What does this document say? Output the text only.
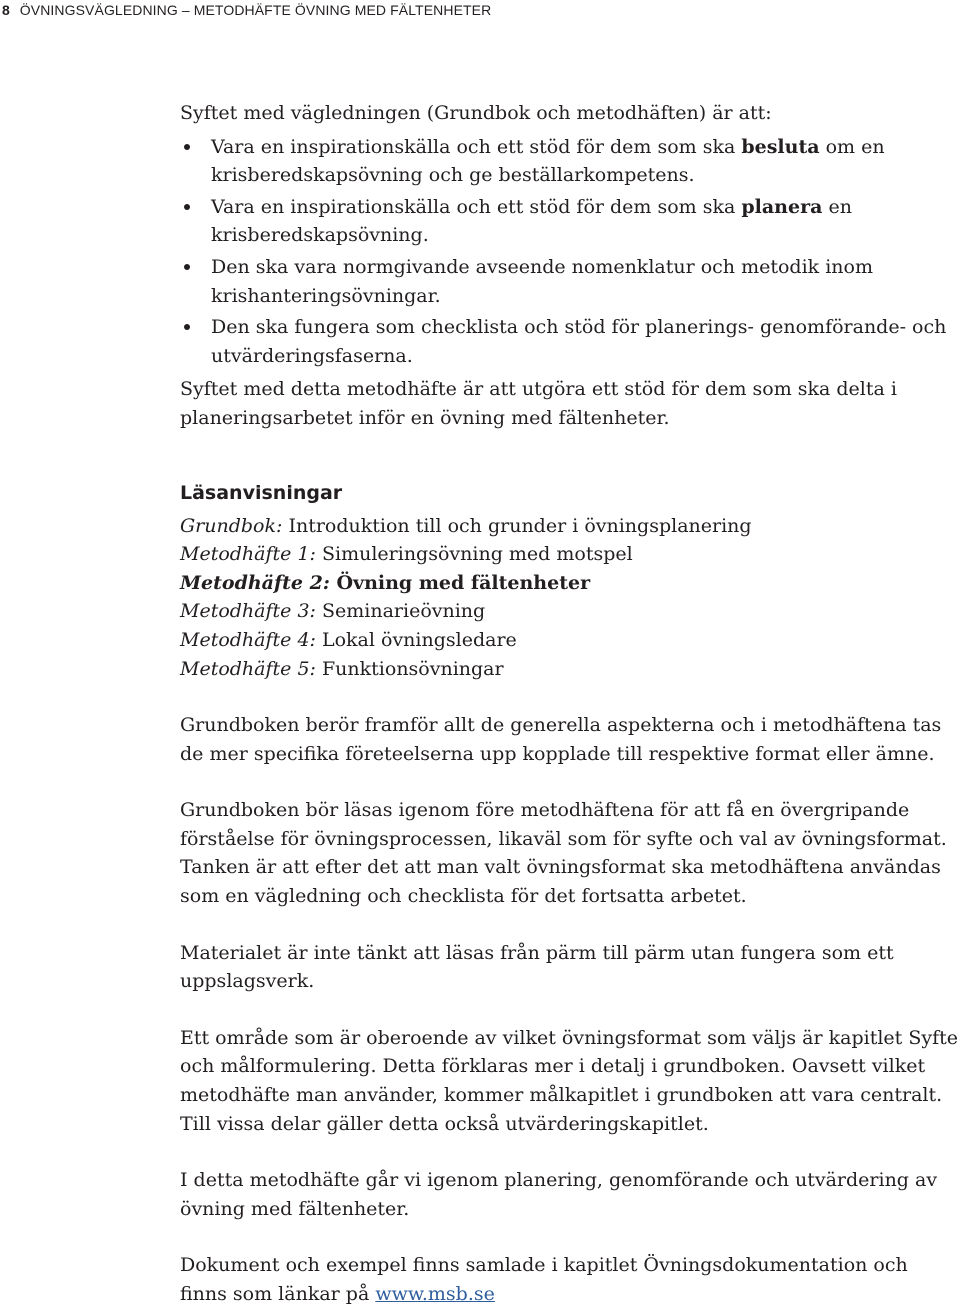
8 ÖVNINGSVÄGLEDNING – METODHÄFTE ÖVNING MED FÄLTENHETER

Syftet med vägledningen (Grundbok och metodhäften) är att:

Vara en inspirationskälla och ett stöd för dem som ska besluta om en krisberedskapsövning och ge beställarkompetens.
Vara en inspirationskälla och ett stöd för dem som ska planera en krisberedskapsövning.
Den ska vara normgivande avseende nomenklatur och metodik inom krishanteringsövningar.
Den ska fungera som checklista och stöd för planerings- genomförande- och utvärderingsfaserna.

Syftet med detta metodhäfte är att utgöra ett stöd för dem som ska delta i planeringsarbetet inför en övning med fältenheter.

Läsanvisningar
Grundbok: Introduktion till och grunder i övningsplanering
Metodhäfte 1: Simuleringsövning med motspel
Metodhäfte 2: Övning med fältenheter
Metodhäfte 3: Seminarieövning
Metodhäfte 4: Lokal övningsledare
Metodhäfte 5: Funktionsövningar

Grundboken berör framför allt de generella aspekterna och i metodhäftena tas de mer specifika företeelserna upp kopplade till respektive format eller ämne.

Grundboken bör läsas igenom före metodhäftena för att få en övergripande förståelse för övningsprocessen, likaväl som för syfte och val av övningsformat. Tanken är att efter det att man valt övningsformat ska metodhäftena användas som en vägledning och checklista för det fortsatta arbetet.

Materialet är inte tänkt att läsas från pärm till pärm utan fungera som ett uppslagsverk.

Ett område som är oberoende av vilket övningsformat som väljs är kapitlet Syfte och målformulering. Detta förklaras mer i detalj i grundboken. Oavsett vilket metodhäfte man använder, kommer målkapitlet i grundboken att vara centralt. Till vissa delar gäller detta också utvärderingskapitlet.

I detta metodhäfte går vi igenom planering, genomförande och utvärdering av övning med fältenheter.

Dokument och exempel finns samlade i kapitlet Övningsdokumentation och finns som länkar på www.msb.se
